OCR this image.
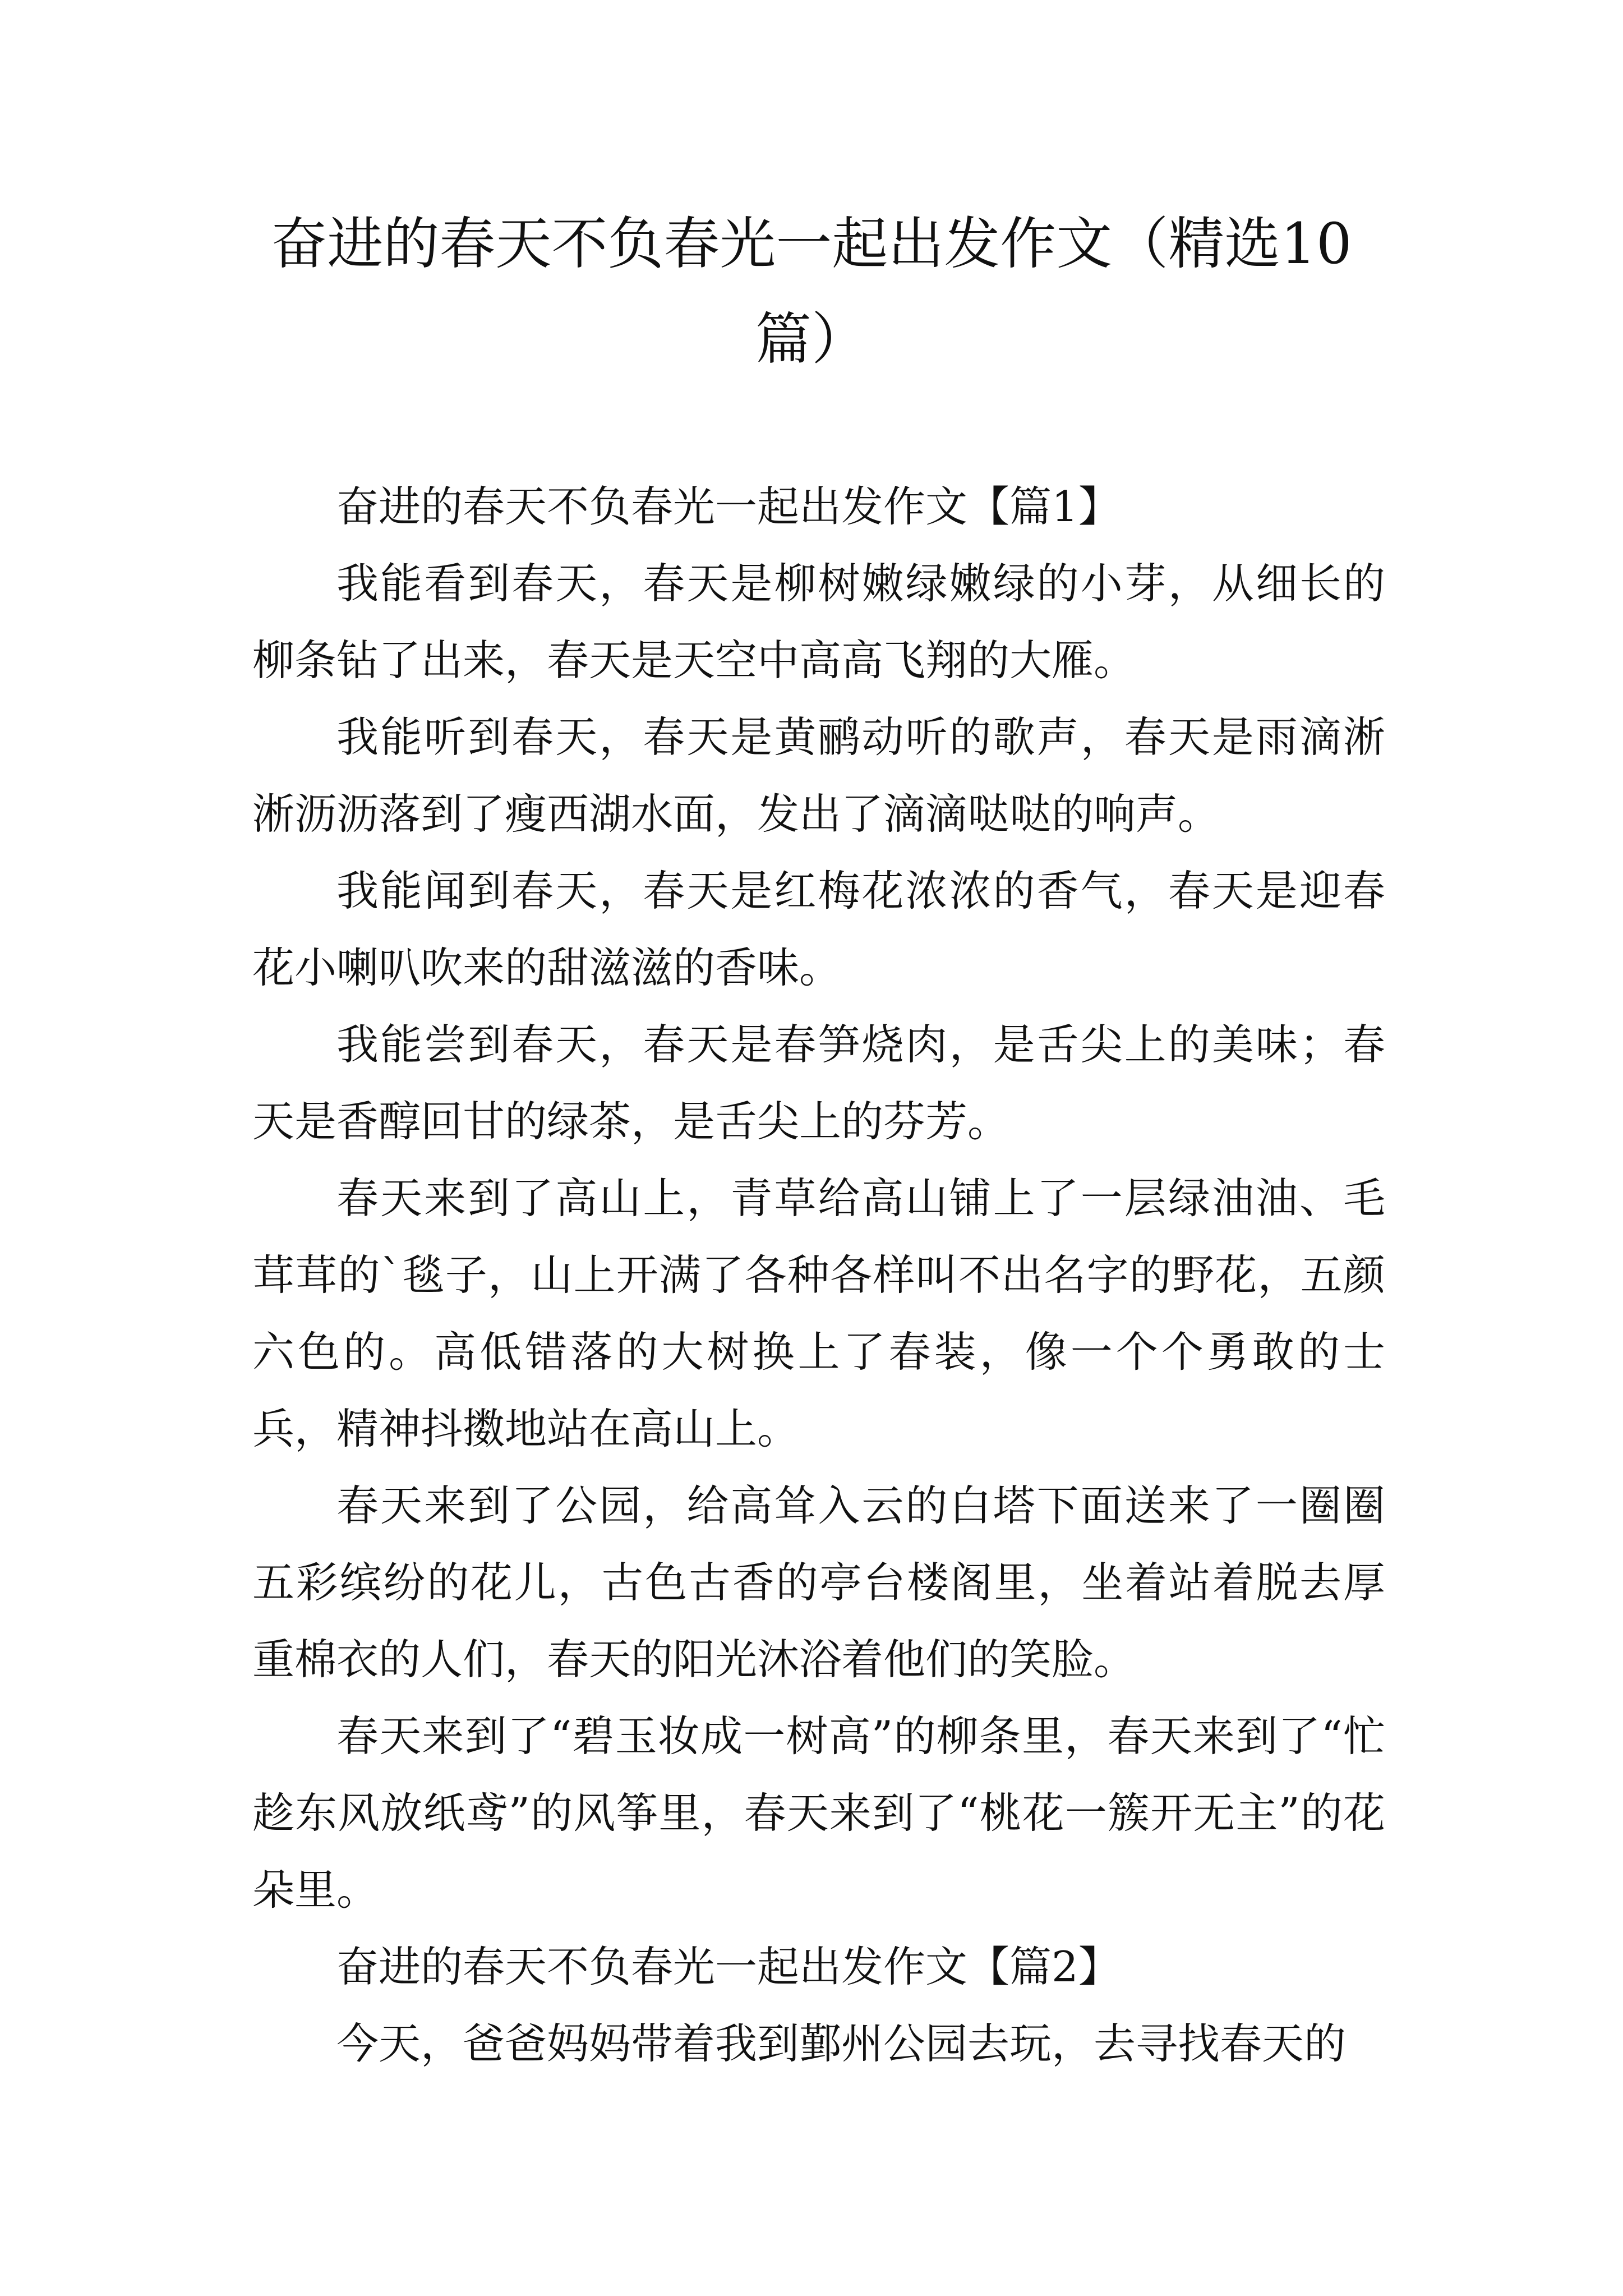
奋进的春天不负春光一起出发作文（精选10篇）

奋进的春天不负春光一起出发作文【篇1】

我能看到春天，春天是柳树嫩绿嫩绿的小芽，从细长的柳条钻了出来，春天是天空中高高飞翔的大雁。

我能听到春天，春天是黄鹂动听的歌声，春天是雨滴淅淅沥沥落到了瘦西湖水面，发出了滴滴哒哒的响声。

我能闻到春天，春天是红梅花浓浓的香气，春天是迎春花小喇叭吹来的甜滋滋的香味。

我能尝到春天，春天是春笋烧肉，是舌尖上的美味；春天是香醇回甘的绿茶，是舌尖上的芬芳。

春天来到了高山上，青草给高山铺上了一层绿油油、毛茸茸的`毯子，山上开满了各种各样叫不出名字的野花，五颜六色的。高低错落的大树换上了春装，像一个个勇敢的士兵，精神抖擞地站在高山上。

春天来到了公园，给高耸入云的白塔下面送来了一圈圈五彩缤纷的花儿，古色古香的亭台楼阁里，坐着站着脱去厚重棉衣的人们，春天的阳光沐浴着他们的笑脸。

春天来到了“碧玉妆成一树高”的柳条里，春天来到了“忙趁东风放纸鸢”的风筝里，春天来到了“桃花一簇开无主”的花朵里。

奋进的春天不负春光一起出发作文【篇2】

今天，爸爸妈妈带着我到鄞州公园去玩，去寻找春天的
